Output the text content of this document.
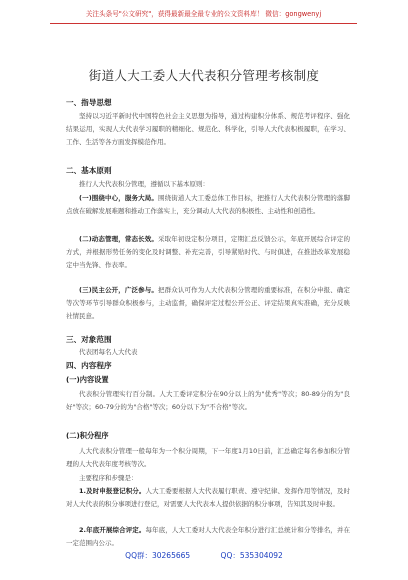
关注头条号"公文研究"，获得最新最全最专业的公文资料库！ 微信：gongwenyj
街道人大工委人大代表积分管理考核制度
一、指导思想
坚持以习近平新时代中国特色社会主义思想为指导，通过构建积分体系、规范考评程序、强化结果运用，实现人大代表学习履职的精细化、规范化、科学化，引导人大代表积极履职，在学习、工作、生活等各方面发挥模范作用。
二、基本原则
推行人大代表积分管理，遵循以下基本原则：
(一)围绕中心，服务大局。围绕街道人大工委总体工作目标，把推行人大代表积分管理的落脚点放在破解发展难题和推动工作落实上，充分调动人大代表的积极性、主动性和创造性。
(二)动态管理，常态长效。采取年初设定积分项目，定期汇总反馈公示，年底开展综合评定的方式，并根据形势任务的变化及时调整、补充完善，引导紧贴时代、与时俱进，在推进改革发展稳定中当先锋、作表率。
(三)民主公开，广泛参与。把群众认可作为人大代表积分管理的重要标准，在积分申报、确定等次等环节引导群众积极参与，主动监督，确保评定过程公开公正、评定结果真实准确，充分反映社情民意。
三、对象范围
代表团每名人大代表
四、内容程序
(一)内容设置
代表积分管理实行百分制。人大工委评定积分在90分以上的为"优秀"等次；80-89分的为"良好"等次；60-79分的为"合格"等次；60分以下为"不合格"等次。
(二)积分程序
人大代表积分管理一般每年为一个积分周期，下一年度1月10日前，汇总确定每名参加积分管理的人大代表年度考核等次。
主要程序和步骤是：
1.及时申报登记积分。人大工委要根据人大代表履行职责、遵守纪律、发挥作用等情况，及时对人大代表的积分事项进行登记，对需要人大代表本人提供依据的积分事项，告知其及时申报。
2.年底开展综合评定。每年底，人大工委对人大代表全年积分进行汇总统计和分等排名，并在一定范围内公示。
QQ群：30265665	QQ：535304092
